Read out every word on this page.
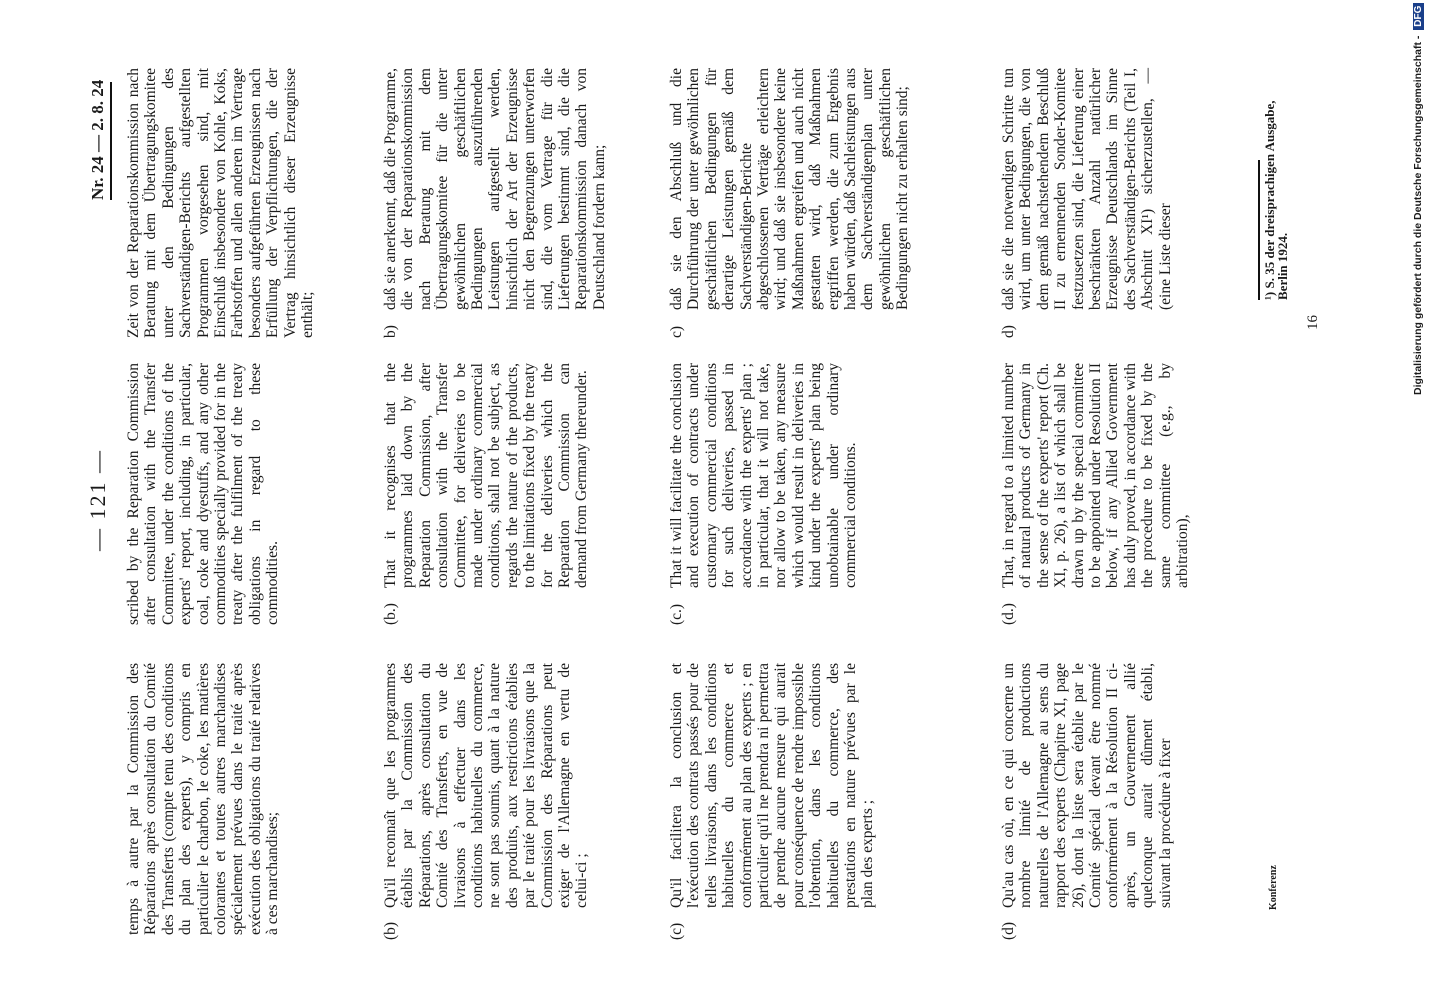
— 121 —
Nr. 24 — 2. 8. 24
temps à autre par la Commission des Réparations après consultation du Comité des Transferts (compte tenu des conditions du plan des experts), y compris en particulier le charbon, le coke, les matières colorantes et toutes autres marchandises spécialement prévues dans le traité après exécution des obligations du traité relatives à ces marchandises;	(b)
Qu'il reconnaît que les programmes établis par la Commission des Réparations, après consultation du Comité des Transferts, en vue de livraisons à effectuer dans les conditions habituelles du commerce, ne sont pas soumis, quant à la nature des produits, aux restrictions établies par le traité pour les livraisons que la Commission des Réparations peut exiger de l'Allemagne en vertu de celui-ci ;
(c)
Qu'il facilitera la conclusion et l'exécution des contrats passés pour de telles livraisons, dans les conditions habituelles du commerce et conformément au plan des experts ; en particulier qu'il ne prendra ni permettra de prendre aucune mesure qui aurait pour conséquence de rendre impossible l'obtention, dans les conditions habituelles du commerce, des prestations en nature prévues par le plan des experts ;
(d)
Qu'au cas où, en ce qui concerne un nombre limité de productions naturelles de l'Allemagne au sens du rapport des experts (Chapitre XI, page 26), dont la liste sera établie par le Comité spécial devant être nommé conformément à la Résolution II ci-après, un Gouvernement allié quelconque aurait dûment établi, suivant la procédure à fixer
scribed by the Reparation Commission after consultation with the Transfer Committee, under the conditions of the experts' report, including, in particular, coal, coke and dyestuffs, and any other commodities specially provided for in the treaty after the fulfilment of the treaty obligations in regard to these commodities.	(b.)
That it recognises that the programmes laid down by the Reparation Commission, after consultation with the Transfer Committee, for deliveries to be made under ordinary commercial conditions, shall not be subject, as regards the nature of the products, to the limitations fixed by the treaty for the deliveries which the Reparation Commission can demand from Germany thereunder.
(c.)
That it will facilitate the conclusion and execution of contracts under customary commercial conditions for such deliveries, passed in accordance with the experts' plan ; in particular, that it will not take, nor allow to be taken, any measure which would result in deliveries in kind under the experts' plan being unobtainable under ordinary commercial conditions.
(d.)
That, in regard to a limited number of natural products of Germany in the sense of the experts' report (Ch. XI, p. 26), a list of which shall be drawn up by the special committee to be appointed under Resolution II below, if any Allied Government has duly proved, in accordance with the procedure to be fixed by the same committee (e.g., by arbitration),
Zeit von der Reparationskommission nach Beratung mit dem Übertragungskomitee unter den Bedingungen des Sachverständigen-Berichts aufgestellten Programmen vorgesehen sind, mit Einschluß insbesondere von Kohle, Koks, Farbstoffen und allen anderen im Vertrage besonders aufgeführten Erzeugnissen nach Erfüllung der Verpflichtungen, die der Vertrag hinsichtlich dieser Erzeugnisse enthält;	b)
daß sie anerkennt, daß die Programme, die von der Reparationskommission nach Beratung mit dem Übertragungskomitee für die unter gewöhnlichen geschäftlichen Bedingungen auszuführenden Leistungen aufgestellt werden, hinsichtlich der Art der Erzeugnisse nicht den Begrenzungen unterworfen sind, die vom Vertrage für die Lieferungen bestimmt sind, die die Reparationskommission danach von Deutschland fordern kann;
c)
daß sie den Abschluß und die Durchführung der unter gewöhnlichen geschäftlichen Bedingungen für derartige Leistungen gemäß dem Sachverständigen-Berichte abgeschlossenen Verträge erleichtern wird; und daß sie insbesondere keine Maßnahmen ergreifen und auch nicht gestatten wird, daß Maßnahmen ergriffen werden, die zum Ergebnis haben würden, daß Sachleistungen aus dem Sachverständigenplan unter gewöhnlichen geschäftlichen Bedingungen nicht zu erhalten sind;
d)
daß sie die notwendigen Schritte tun wird, um unter Bedingungen, die von dem gemäß nachstehendem Beschluß II zu ernennenden Sonder-Komitee festzusetzen sind, die Lieferung einer beschränkten Anzahl natürlicher Erzeugnisse Deutschlands im Sinne des Sachverständigen-Berichts (Teil I, Abschnitt XI¹) sicherzustellen, — (eine Liste dieser
Konferenz
¹) S. 35 der dreisprachigen Ausgabe, Berlin 1924.
16	Digitalisierung gefördert durch die Deutsche Forschungsgemeinschaft - DFG
